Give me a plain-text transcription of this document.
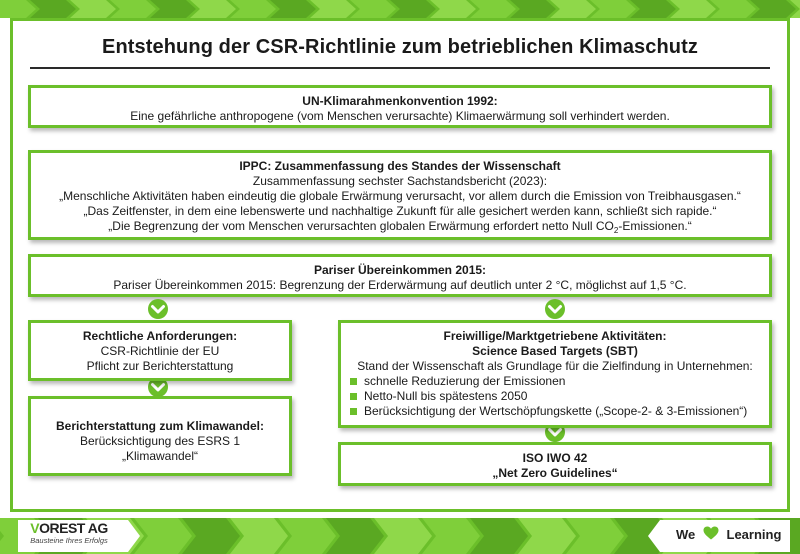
Entstehung der CSR-Richtlinie zum betrieblichen Klimaschutz
UN-Klimarahmenkonvention 1992:
Eine gefährliche anthropogene (vom Menschen verursachte) Klimaerwärmung soll verhindert werden.
IPPC: Zusammenfassung des Standes der Wissenschaft
Zusammenfassung sechster Sachstandsbericht (2023):
„Menschliche Aktivitäten haben eindeutig die globale Erwärmung verursacht, vor allem durch die Emission von Treibhausgasen.“
„Das Zeitfenster, in dem eine lebenswerte und nachhaltige Zukunft für alle gesichert werden kann, schließt sich rapide.“
„Die Begrenzung der vom Menschen verursachten globalen Erwärmung erfordert netto Null $CO_2-Emissionen.“$
Pariser Übereinkommen 2015:
Pariser Übereinkommen 2015: Begrenzung der Erderwärmung auf deutlich unter 2 °C, möglichst auf 1,5 °C.
Rechtliche Anforderungen:
CSR-Richtlinie der EU
Pflicht zur Berichterstattung
Berichterstattung zum Klimawandel:
Berücksichtigung des ESRS 1
„Klimawandel“
Freiwillige/Marktgetriebene Aktivitäten:
Science Based Targets (SBT)
Stand der Wissenschaft als Grundlage für die Zielfindung in Unternehmen:
schnelle Reduzierung der Emissionen
Netto-Null bis spätestens 2050
Berücksichtigung der Wertschöpfungskette („Scope-2- & 3-Emissionen“)
ISO IWO 42
„Net Zero Guidelines“
VOREST AG
Bausteine Ihres Erfolgs	We Learning
